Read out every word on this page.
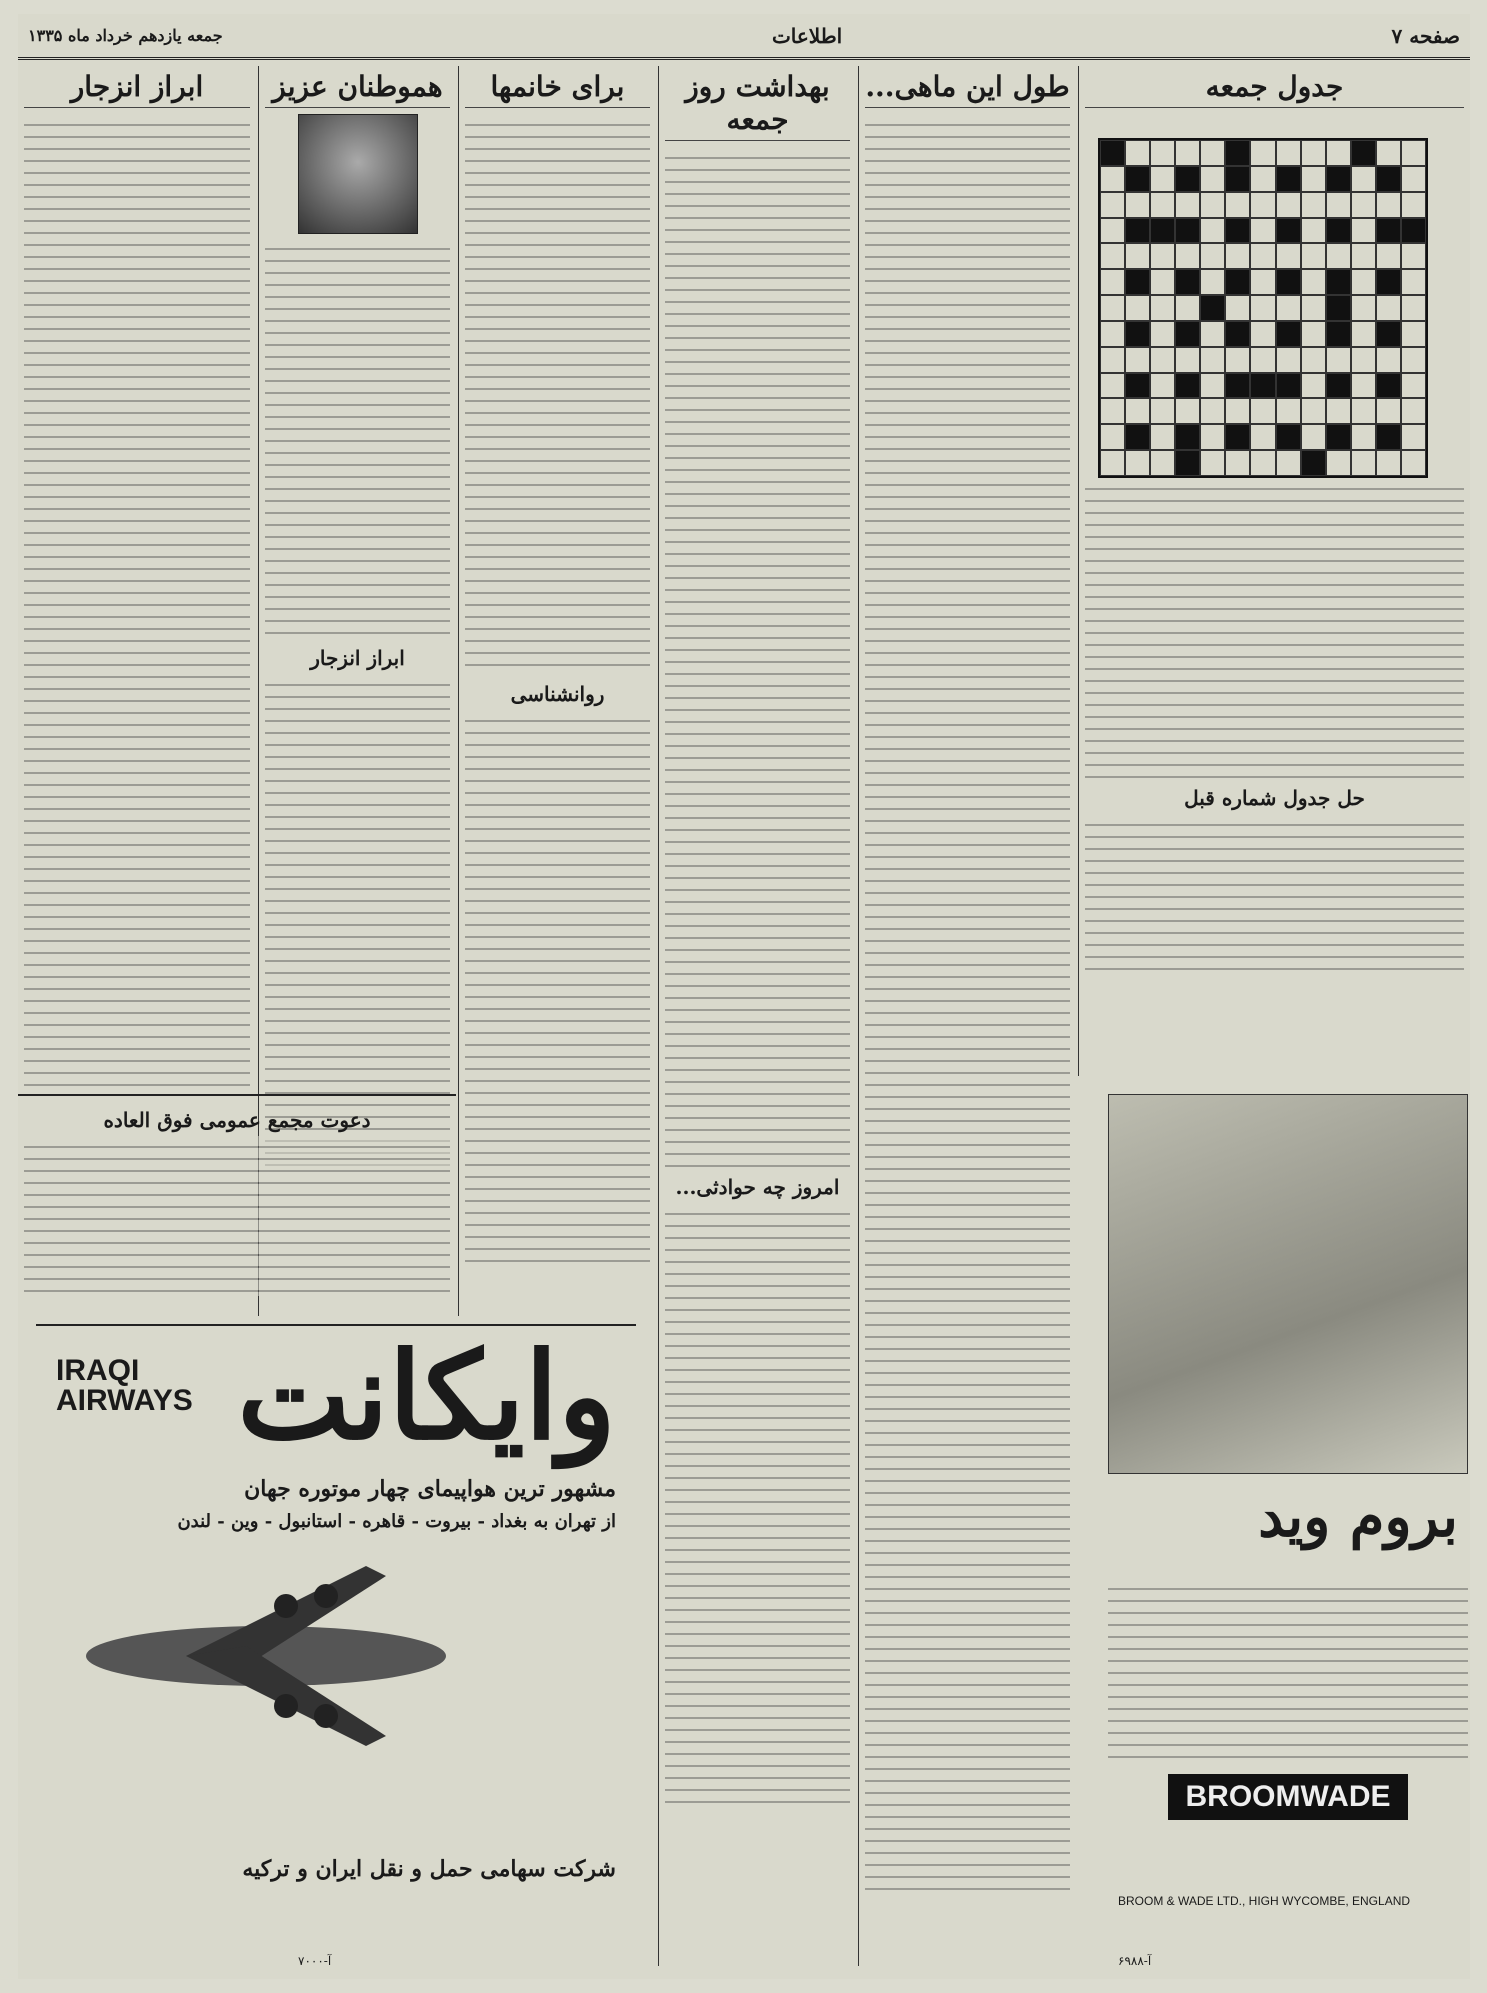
صفحه ۷
اطلاعات
جمعه یازدهم خرداد ماه ۱۳۳۵
جدول جمعه
حل جدول شماره قبل
طول این ماهی...
بهداشت روز جمعه
امروز چه حوادثی...
برای خانمها
روانشناسی
هموطنان عزیز
ابراز انزجار
ابراز انزجار
دعوت مجمع عمومی فوق العاده
وایکانت
IRAQI
AIRWAYS
مشهور ترین هواپیمای چهار موتوره جهان
از تهران به بغداد - بیروت - قاهره - استانبول - وین - لندن
شرکت سهامی حمل و نقل ایران و ترکیه
آ-۷۰۰۰
بروم وید
BROOMWADE
BROOM & WADE LTD., HIGH WYCOMBE, ENGLAND
آ-۶۹۸۸
